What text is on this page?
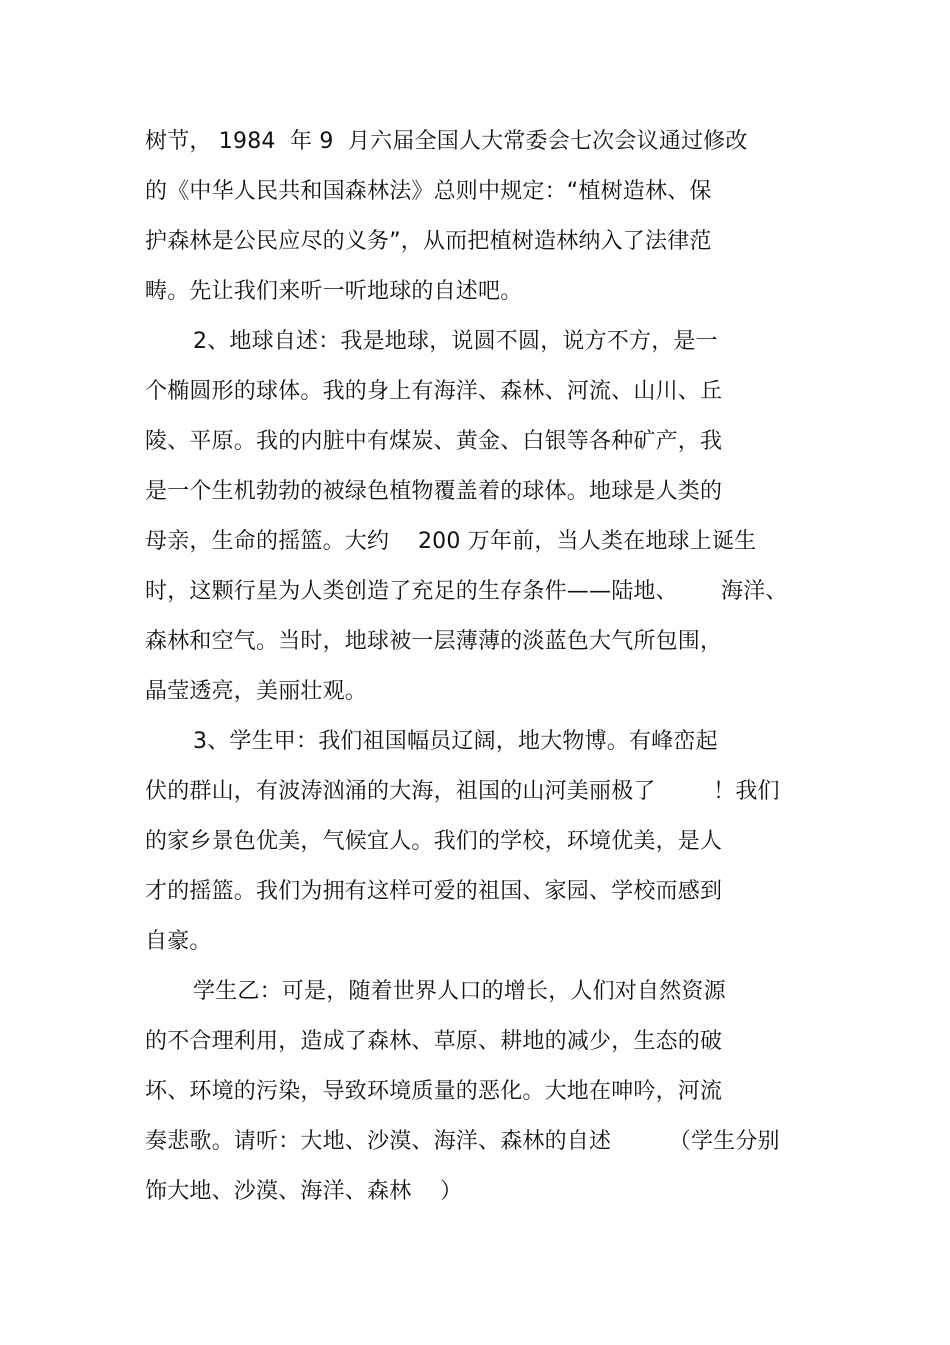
树节， 1984  年 9  月六届全国人大常委会七次会议通过修改
的《中华人民共和国森林法》总则中规定：“植树造林、保
护森林是公民应尽的义务”，从而把植树造林纳入了法律范
畴。先让我们来听一听地球的自述吧。
2、地球自述：我是地球，说圆不圆，说方不方，是一
个椭圆形的球体。我的身上有海洋、森林、河流、山川、丘
陵、平原。我的内脏中有煤炭、黄金、白银等各种矿产，我
是一个生机勃勃的被绿色植物覆盖着的球体。地球是人类的
母亲，生命的摇篮。大约    200 万年前，当人类在地球上诞生
时，这颗行星为人类创造了充足的生存条件——陆地、      海洋、
森林和空气。当时，地球被一层薄薄的淡蓝色大气所包围，
晶莹透亮，美丽壮观。
3、学生甲：我们祖国幅员辽阔，地大物博。有峰峦起
伏的群山，有波涛汹涌的大海，祖国的山河美丽极了        ！我们
的家乡景色优美，气候宜人。我们的学校，环境优美，是人
才的摇篮。我们为拥有这样可爱的祖国、家园、学校而感到
自豪。
学生乙：可是，随着世界人口的增长，人们对自然资源
的不合理利用，造成了森林、草原、耕地的减少，生态的破
坏、环境的污染，导致环境质量的恶化。大地在呻吟，河流
奏悲歌。请听：大地、沙漠、海洋、森林的自述        （学生分别
饰大地、沙漠、海洋、森林    ）
